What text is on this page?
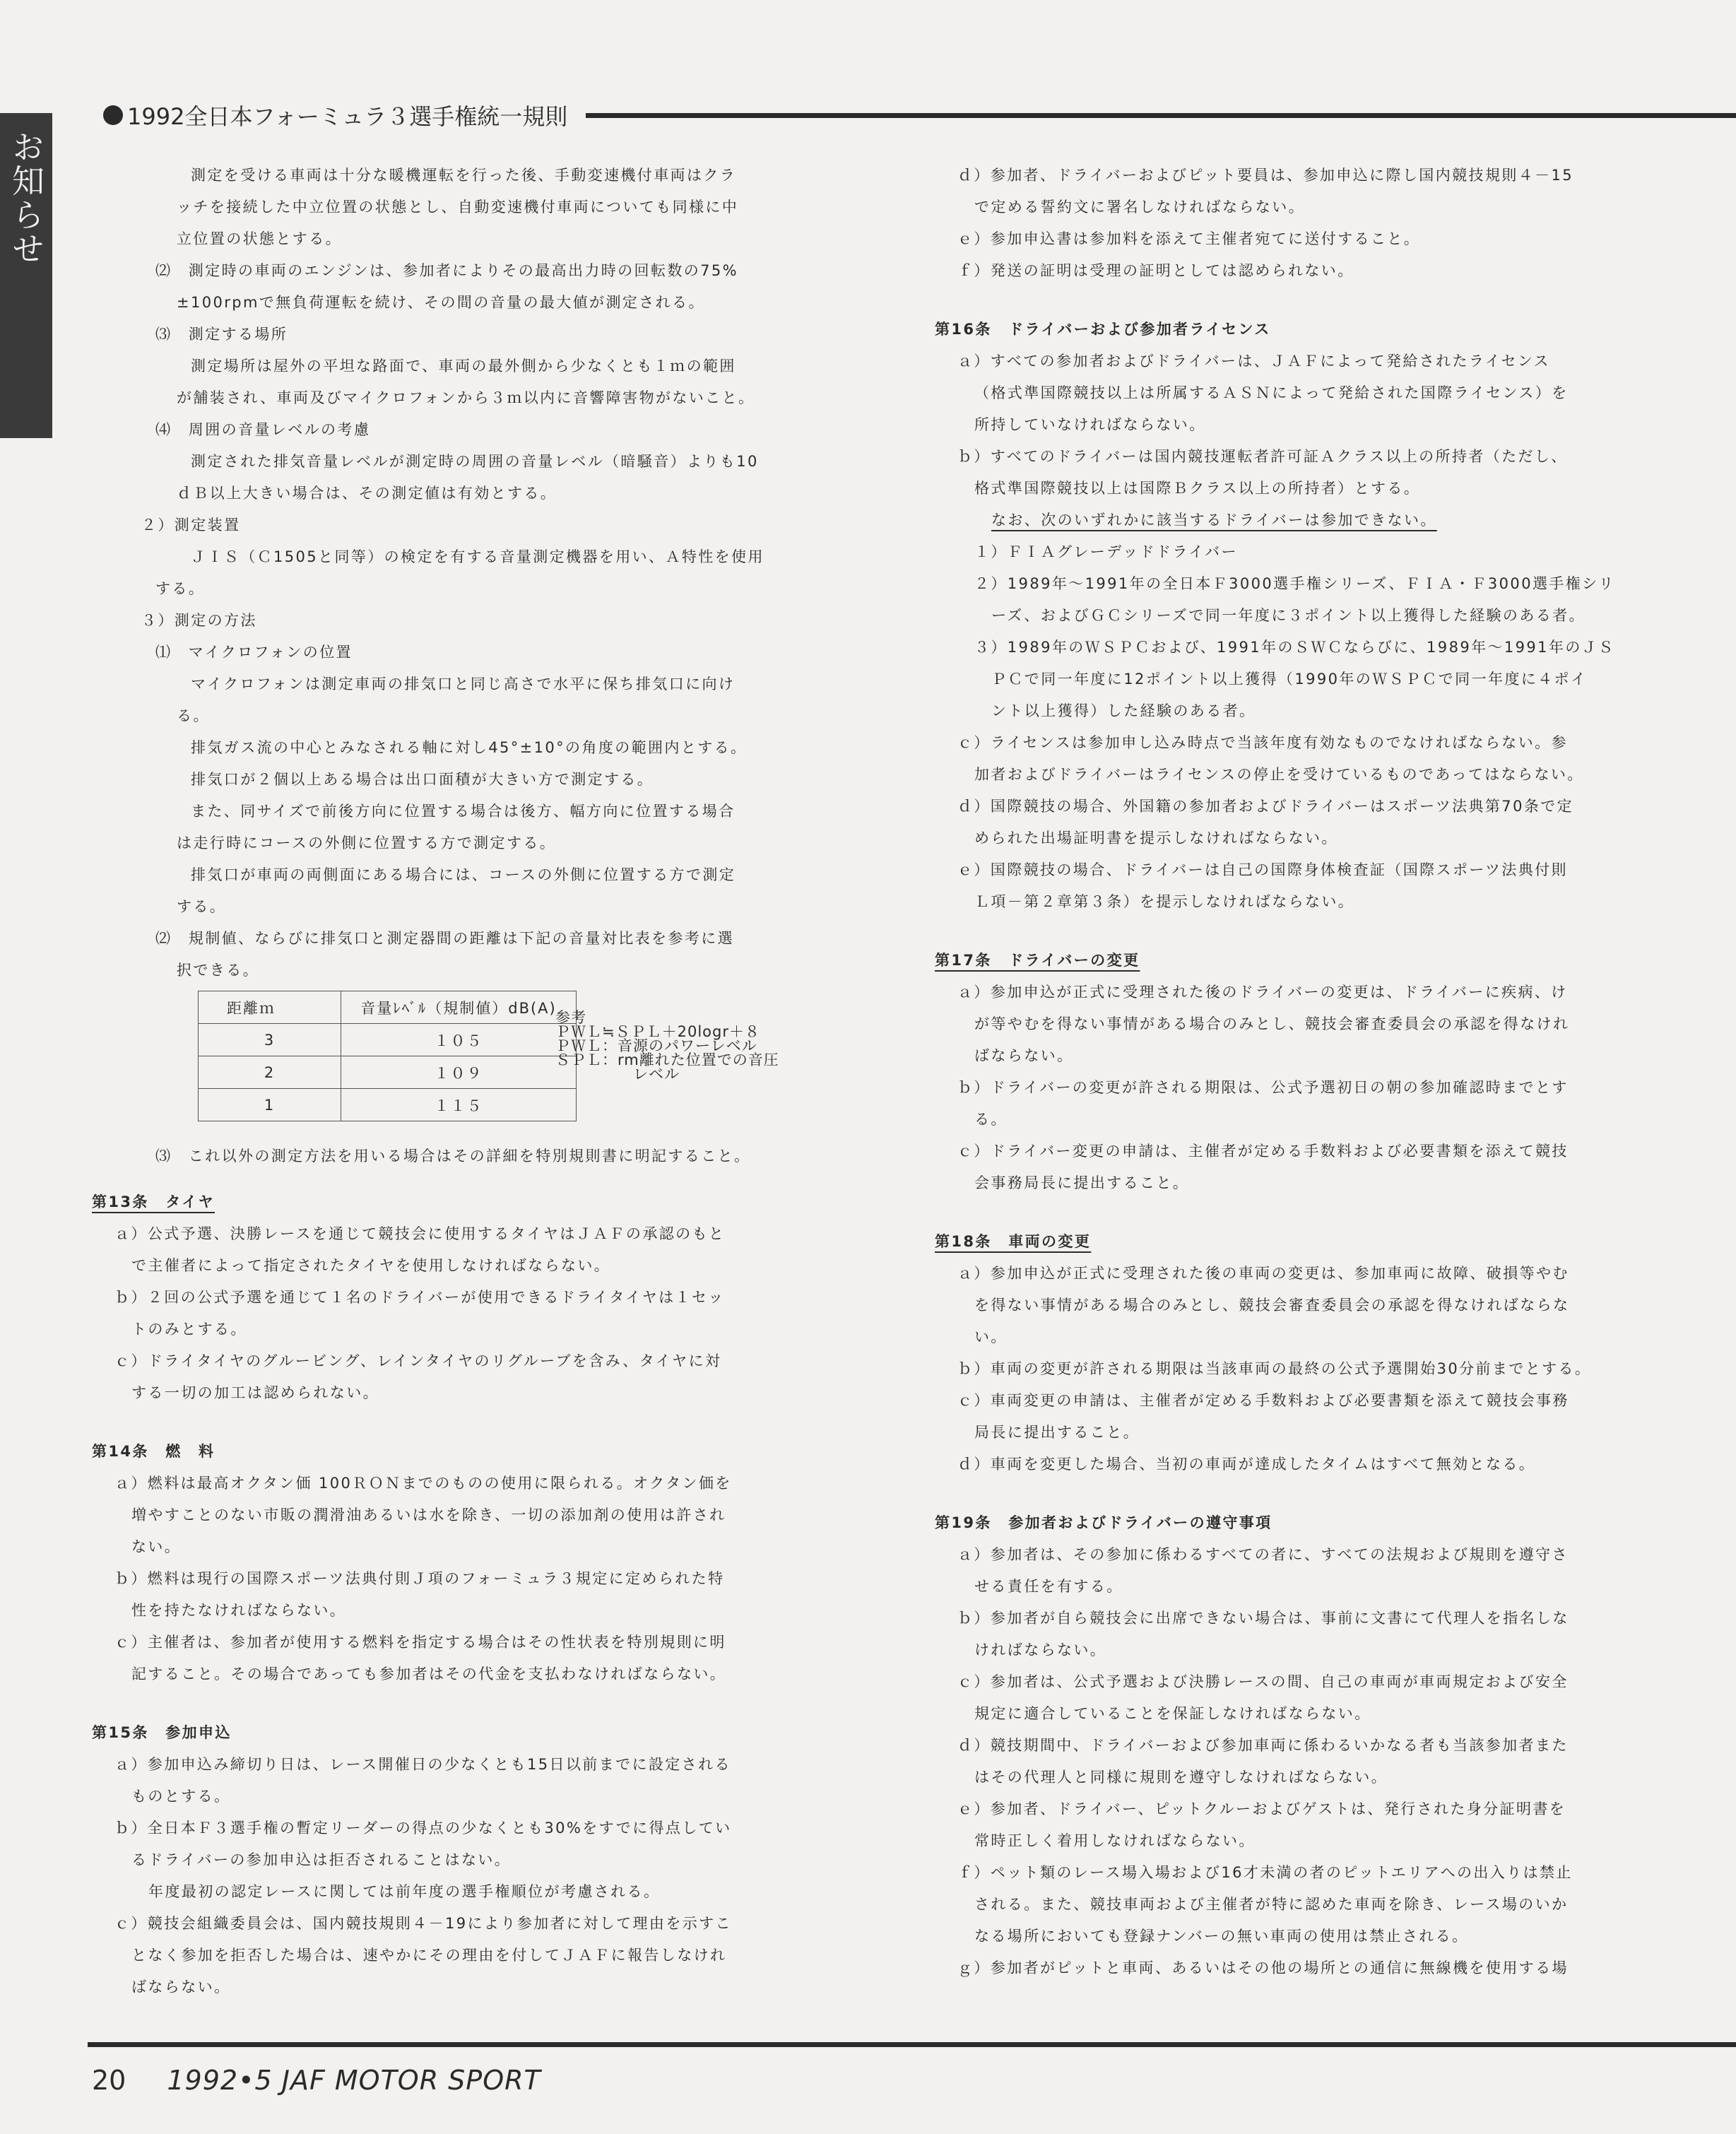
お知らせ
1992全日本フォーミュラ３選手権統一規則
測定を受ける車両は十分な暖機運転を行った後、手動変速機付車両はクラ
ッチを接続した中立位置の状態とし、自動変速機付車両についても同様に中
立位置の状態とする。
⑵　測定時の車両のエンジンは、参加者によりその最高出力時の回転数の75%
±100rpmで無負荷運転を続け、その間の音量の最大値が測定される。
⑶　測定する場所
測定場所は屋外の平坦な路面で、車両の最外側から少なくとも１ｍの範囲
が舗装され、車両及びマイクロフォンから３ｍ以内に音響障害物がないこと。
⑷　周囲の音量レベルの考慮
測定された排気音量レベルが測定時の周囲の音量レベル（暗騒音）よりも10
ｄＢ以上大きい場合は、その測定値は有効とする。
２）測定装置
ＪＩＳ（Ｃ1505と同等）の検定を有する音量測定機器を用い、Ａ特性を使用
する。
３）測定の方法
⑴　マイクロフォンの位置
マイクロフォンは測定車両の排気口と同じ高さで水平に保ち排気口に向け
る。
排気ガス流の中心とみなされる軸に対し45°±10°の角度の範囲内とする。
排気口が２個以上ある場合は出口面積が大きい方で測定する。
また、同サイズで前後方向に位置する場合は後方、幅方向に位置する場合
は走行時にコースの外側に位置する方で測定する。
排気口が車両の両側面にある場合には、コースの外側に位置する方で測定
する。
⑵　規制値、ならびに排気口と測定器間の距離は下記の音量対比表を参考に選
択できる。
距離ｍ	音量ﾚﾍﾞﾙ（規制値）dB(A)
3	１０５
2	１０９
1	１１５
参考
ＰＷＬ≒ＳＰＬ＋20logr＋８
ＰＷＬ：音源のパワーレベル
ＳＰＬ：rm離れた位置での音圧
レベル
⑶　これ以外の測定方法を用いる場合はその詳細を特別規則書に明記すること。
第13条　タイヤ
ａ）公式予選、決勝レースを通じて競技会に使用するタイヤはＪＡＦの承認のもと
で主催者によって指定されたタイヤを使用しなければならない。
ｂ）２回の公式予選を通じて１名のドライバーが使用できるドライタイヤは１セッ
トのみとする。
ｃ）ドライタイヤのグルービング、レインタイヤのリグルーブを含み、タイヤに対
する一切の加工は認められない。
第14条　燃　料
ａ）燃料は最高オクタン価 100ＲＯＮまでのものの使用に限られる。オクタン価を
増やすことのない市販の潤滑油あるいは水を除き、一切の添加剤の使用は許され
ない。
ｂ）燃料は現行の国際スポーツ法典付則Ｊ項のフォーミュラ３規定に定められた特
性を持たなければならない。
ｃ）主催者は、参加者が使用する燃料を指定する場合はその性状表を特別規則に明
記すること。その場合であっても参加者はその代金を支払わなければならない。
第15条　参加申込
ａ）参加申込み締切り日は、レース開催日の少なくとも15日以前までに設定される
ものとする。
ｂ）全日本Ｆ３選手権の暫定リーダーの得点の少なくとも30%をすでに得点してい
るドライバーの参加申込は拒否されることはない。
年度最初の認定レースに関しては前年度の選手権順位が考慮される。
ｃ）競技会組織委員会は、国内競技規則４－19により参加者に対して理由を示すこ
となく参加を拒否した場合は、速やかにその理由を付してＪＡＦに報告しなけれ
ばならない。
ｄ）参加者、ドライバーおよびピット要員は、参加申込に際し国内競技規則４－15
で定める誓約文に署名しなければならない。
ｅ）参加申込書は参加料を添えて主催者宛てに送付すること。
ｆ）発送の証明は受理の証明としては認められない。
第16条　ドライバーおよび参加者ライセンス
ａ）すべての参加者およびドライバーは、ＪＡＦによって発給されたライセンス
（格式準国際競技以上は所属するＡＳＮによって発給された国際ライセンス）を
所持していなければならない。
ｂ）すべてのドライバーは国内競技運転者許可証Ａクラス以上の所持者（ただし、
格式準国際競技以上は国際Ｂクラス以上の所持者）とする。
なお、次のいずれかに該当するドライバーは参加できない。
１）ＦＩＡグレーデッドドライバー
２）1989年～1991年の全日本Ｆ3000選手権シリーズ、ＦＩＡ・Ｆ3000選手権シリ
ーズ、およびＧＣシリーズで同一年度に３ポイント以上獲得した経験のある者。
３）1989年のＷＳＰＣおよび、1991年のＳＷＣならびに、1989年～1991年のＪＳ
ＰＣで同一年度に12ポイント以上獲得（1990年のＷＳＰＣで同一年度に４ポイ
ント以上獲得）した経験のある者。
ｃ）ライセンスは参加申し込み時点で当該年度有効なものでなければならない。参
加者およびドライバーはライセンスの停止を受けているものであってはならない。
ｄ）国際競技の場合、外国籍の参加者およびドライバーはスポーツ法典第70条で定
められた出場証明書を提示しなければならない。
ｅ）国際競技の場合、ドライバーは自己の国際身体検査証（国際スポーツ法典付則
Ｌ項－第２章第３条）を提示しなければならない。
第17条　ドライバーの変更
ａ）参加申込が正式に受理された後のドライバーの変更は、ドライバーに疾病、け
が等やむを得ない事情がある場合のみとし、競技会審査委員会の承認を得なけれ
ばならない。
ｂ）ドライバーの変更が許される期限は、公式予選初日の朝の参加確認時までとす
る。
ｃ）ドライバー変更の申請は、主催者が定める手数料および必要書類を添えて競技
会事務局長に提出すること。
第18条　車両の変更
ａ）参加申込が正式に受理された後の車両の変更は、参加車両に故障、破損等やむ
を得ない事情がある場合のみとし、競技会審査委員会の承認を得なければならな
い。
ｂ）車両の変更が許される期限は当該車両の最終の公式予選開始30分前までとする。
ｃ）車両変更の申請は、主催者が定める手数料および必要書類を添えて競技会事務
局長に提出すること。
ｄ）車両を変更した場合、当初の車両が達成したタイムはすべて無効となる。
第19条　参加者およびドライバーの遵守事項
ａ）参加者は、その参加に係わるすべての者に、すべての法規および規則を遵守さ
せる責任を有する。
ｂ）参加者が自ら競技会に出席できない場合は、事前に文書にて代理人を指名しな
ければならない。
ｃ）参加者は、公式予選および決勝レースの間、自己の車両が車両規定および安全
規定に適合していることを保証しなければならない。
ｄ）競技期間中、ドライバーおよび参加車両に係わるいかなる者も当該参加者また
はその代理人と同様に規則を遵守しなければならない。
ｅ）参加者、ドライバー、ピットクルーおよびゲストは、発行された身分証明書を
常時正しく着用しなければならない。
ｆ）ペット類のレース場入場および16才未満の者のピットエリアへの出入りは禁止
される。また、競技車両および主催者が特に認めた車両を除き、レース場のいか
なる場所においても登録ナンバーの無い車両の使用は禁止される。
ｇ）参加者がピットと車両、あるいはその他の場所との通信に無線機を使用する場
20 1992•5 JAF MOTOR SPORT
